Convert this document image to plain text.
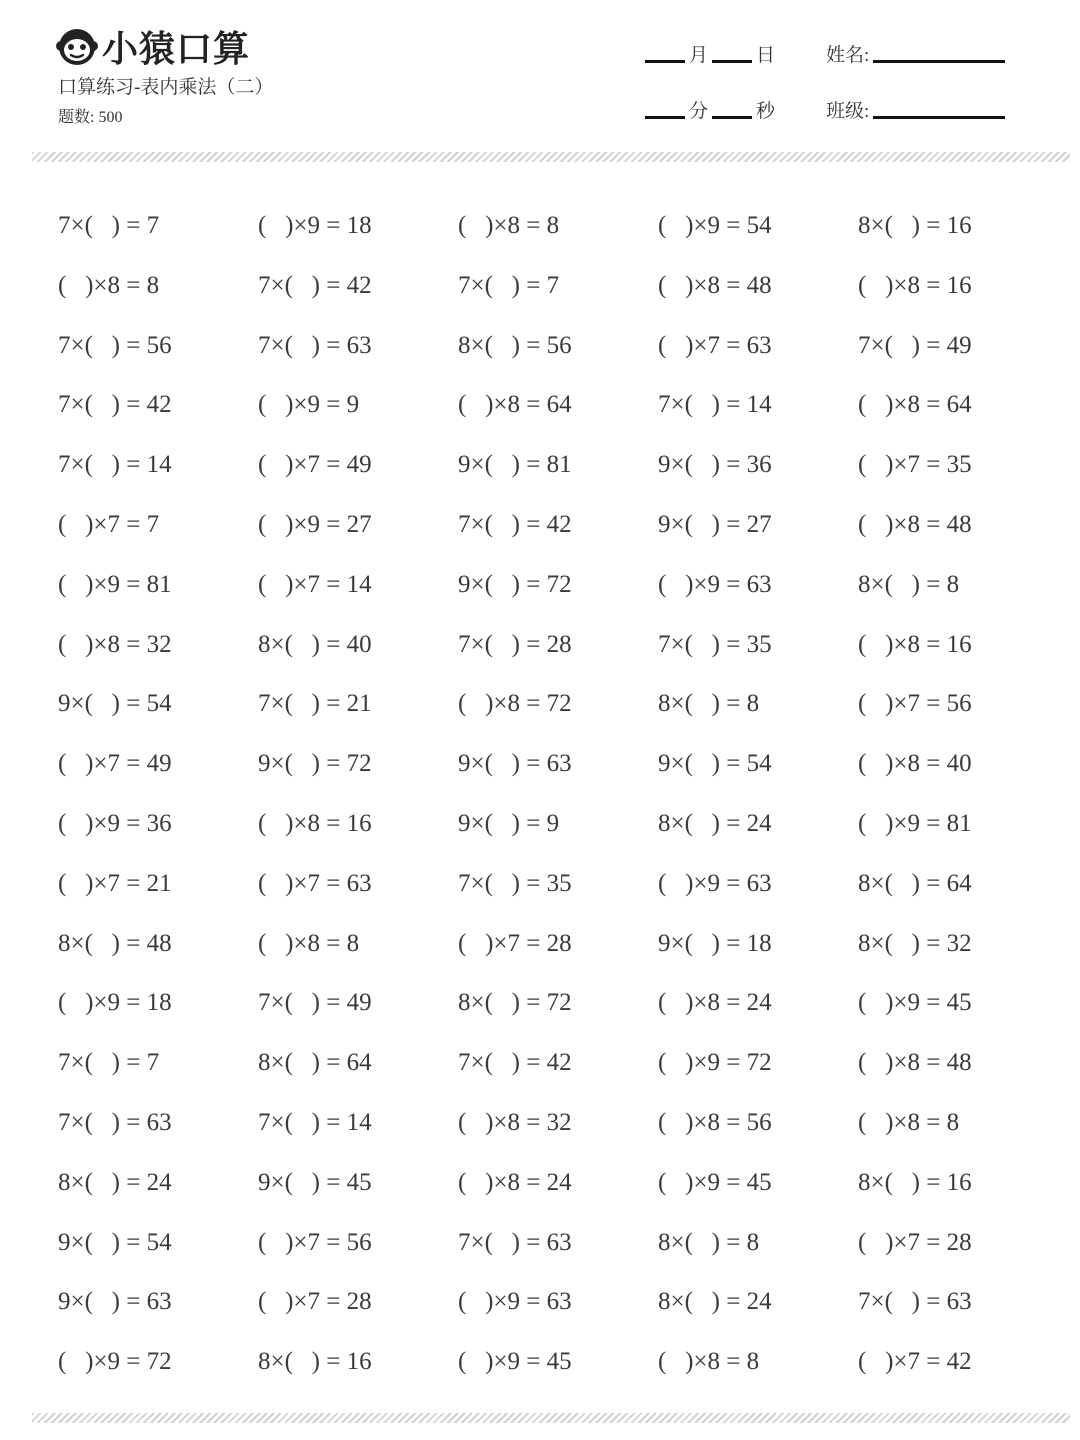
小猿口算
口算练习-表内乘法（二）
题数: 500
月	日
分	秒
姓名:
班级:
7×(   ) = 7	(   )×9 = 18	(   )×8 = 8	(   )×9 = 54	8×(   ) = 16
(   )×8 = 8	7×(   ) = 42	7×(   ) = 7	(   )×8 = 48	(   )×8 = 16
7×(   ) = 56	7×(   ) = 63	8×(   ) = 56	(   )×7 = 63	7×(   ) = 49
7×(   ) = 42	(   )×9 = 9	(   )×8 = 64	7×(   ) = 14	(   )×8 = 64
7×(   ) = 14	(   )×7 = 49	9×(   ) = 81	9×(   ) = 36	(   )×7 = 35
(   )×7 = 7	(   )×9 = 27	7×(   ) = 42	9×(   ) = 27	(   )×8 = 48
(   )×9 = 81	(   )×7 = 14	9×(   ) = 72	(   )×9 = 63	8×(   ) = 8
(   )×8 = 32	8×(   ) = 40	7×(   ) = 28	7×(   ) = 35	(   )×8 = 16
9×(   ) = 54	7×(   ) = 21	(   )×8 = 72	8×(   ) = 8	(   )×7 = 56
(   )×7 = 49	9×(   ) = 72	9×(   ) = 63	9×(   ) = 54	(   )×8 = 40
(   )×9 = 36	(   )×8 = 16	9×(   ) = 9	8×(   ) = 24	(   )×9 = 81
(   )×7 = 21	(   )×7 = 63	7×(   ) = 35	(   )×9 = 63	8×(   ) = 64
8×(   ) = 48	(   )×8 = 8	(   )×7 = 28	9×(   ) = 18	8×(   ) = 32
(   )×9 = 18	7×(   ) = 49	8×(   ) = 72	(   )×8 = 24	(   )×9 = 45
7×(   ) = 7	8×(   ) = 64	7×(   ) = 42	(   )×9 = 72	(   )×8 = 48
7×(   ) = 63	7×(   ) = 14	(   )×8 = 32	(   )×8 = 56	(   )×8 = 8
8×(   ) = 24	9×(   ) = 45	(   )×8 = 24	(   )×9 = 45	8×(   ) = 16
9×(   ) = 54	(   )×7 = 56	7×(   ) = 63	8×(   ) = 8	(   )×7 = 28
9×(   ) = 63	(   )×7 = 28	(   )×9 = 63	8×(   ) = 24	7×(   ) = 63
(   )×9 = 72	8×(   ) = 16	(   )×9 = 45	(   )×8 = 8	(   )×7 = 42
